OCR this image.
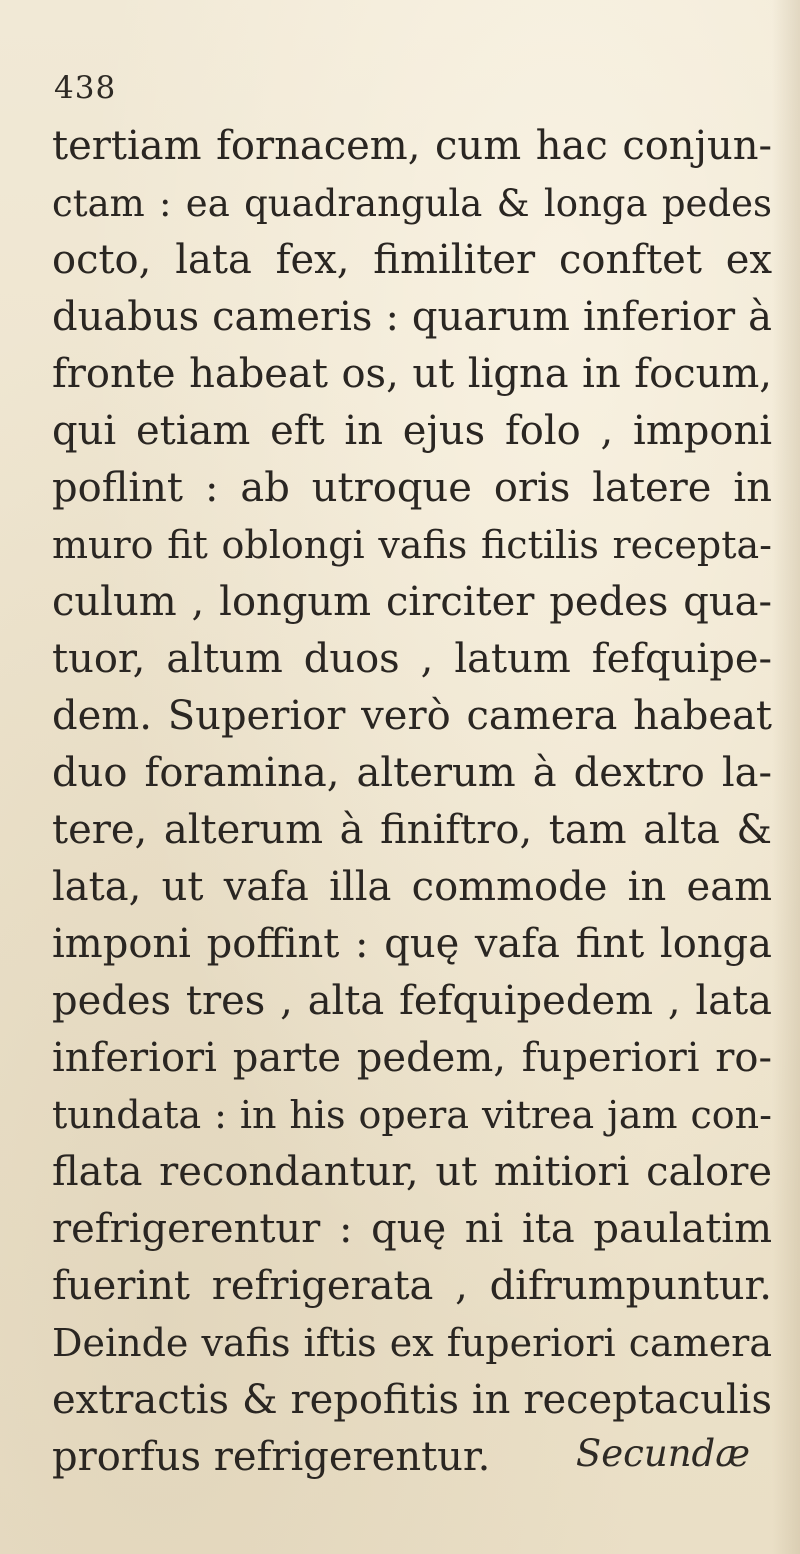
438
tertiam fornacem, cum hac conjun-
ctam : ea quadrangula & longa pedes
octo, lata fex, fimiliter conftet ex
duabus cameris : quarum inferior à
fronte habeat os, ut ligna in focum,
qui etiam eft in ejus folo , imponi
poflint : ab utroque oris latere in
muro fit oblongi vafis fictilis recepta-
culum , longum circiter pedes qua-
tuor, altum duos , latum fefquipe-
dem. Superior verò camera habeat
duo foramina, alterum à dextro la-
tere, alterum à finiftro, tam alta &
lata, ut vafa illa commode in eam
imponi poffint : quę vafa fint longa
pedes tres , alta fefquipedem , lata
inferiori parte pedem, fuperiori ro-
tundata : in his opera vitrea jam con-
flata recondantur, ut mitiori calore
refrigerentur : quę ni ita paulatim
fuerint refrigerata , difrumpuntur.
Deinde vafis iftis ex fuperiori camera
extractis & repofitis in receptaculis
prorfus refrigerentur.	Secundæ
